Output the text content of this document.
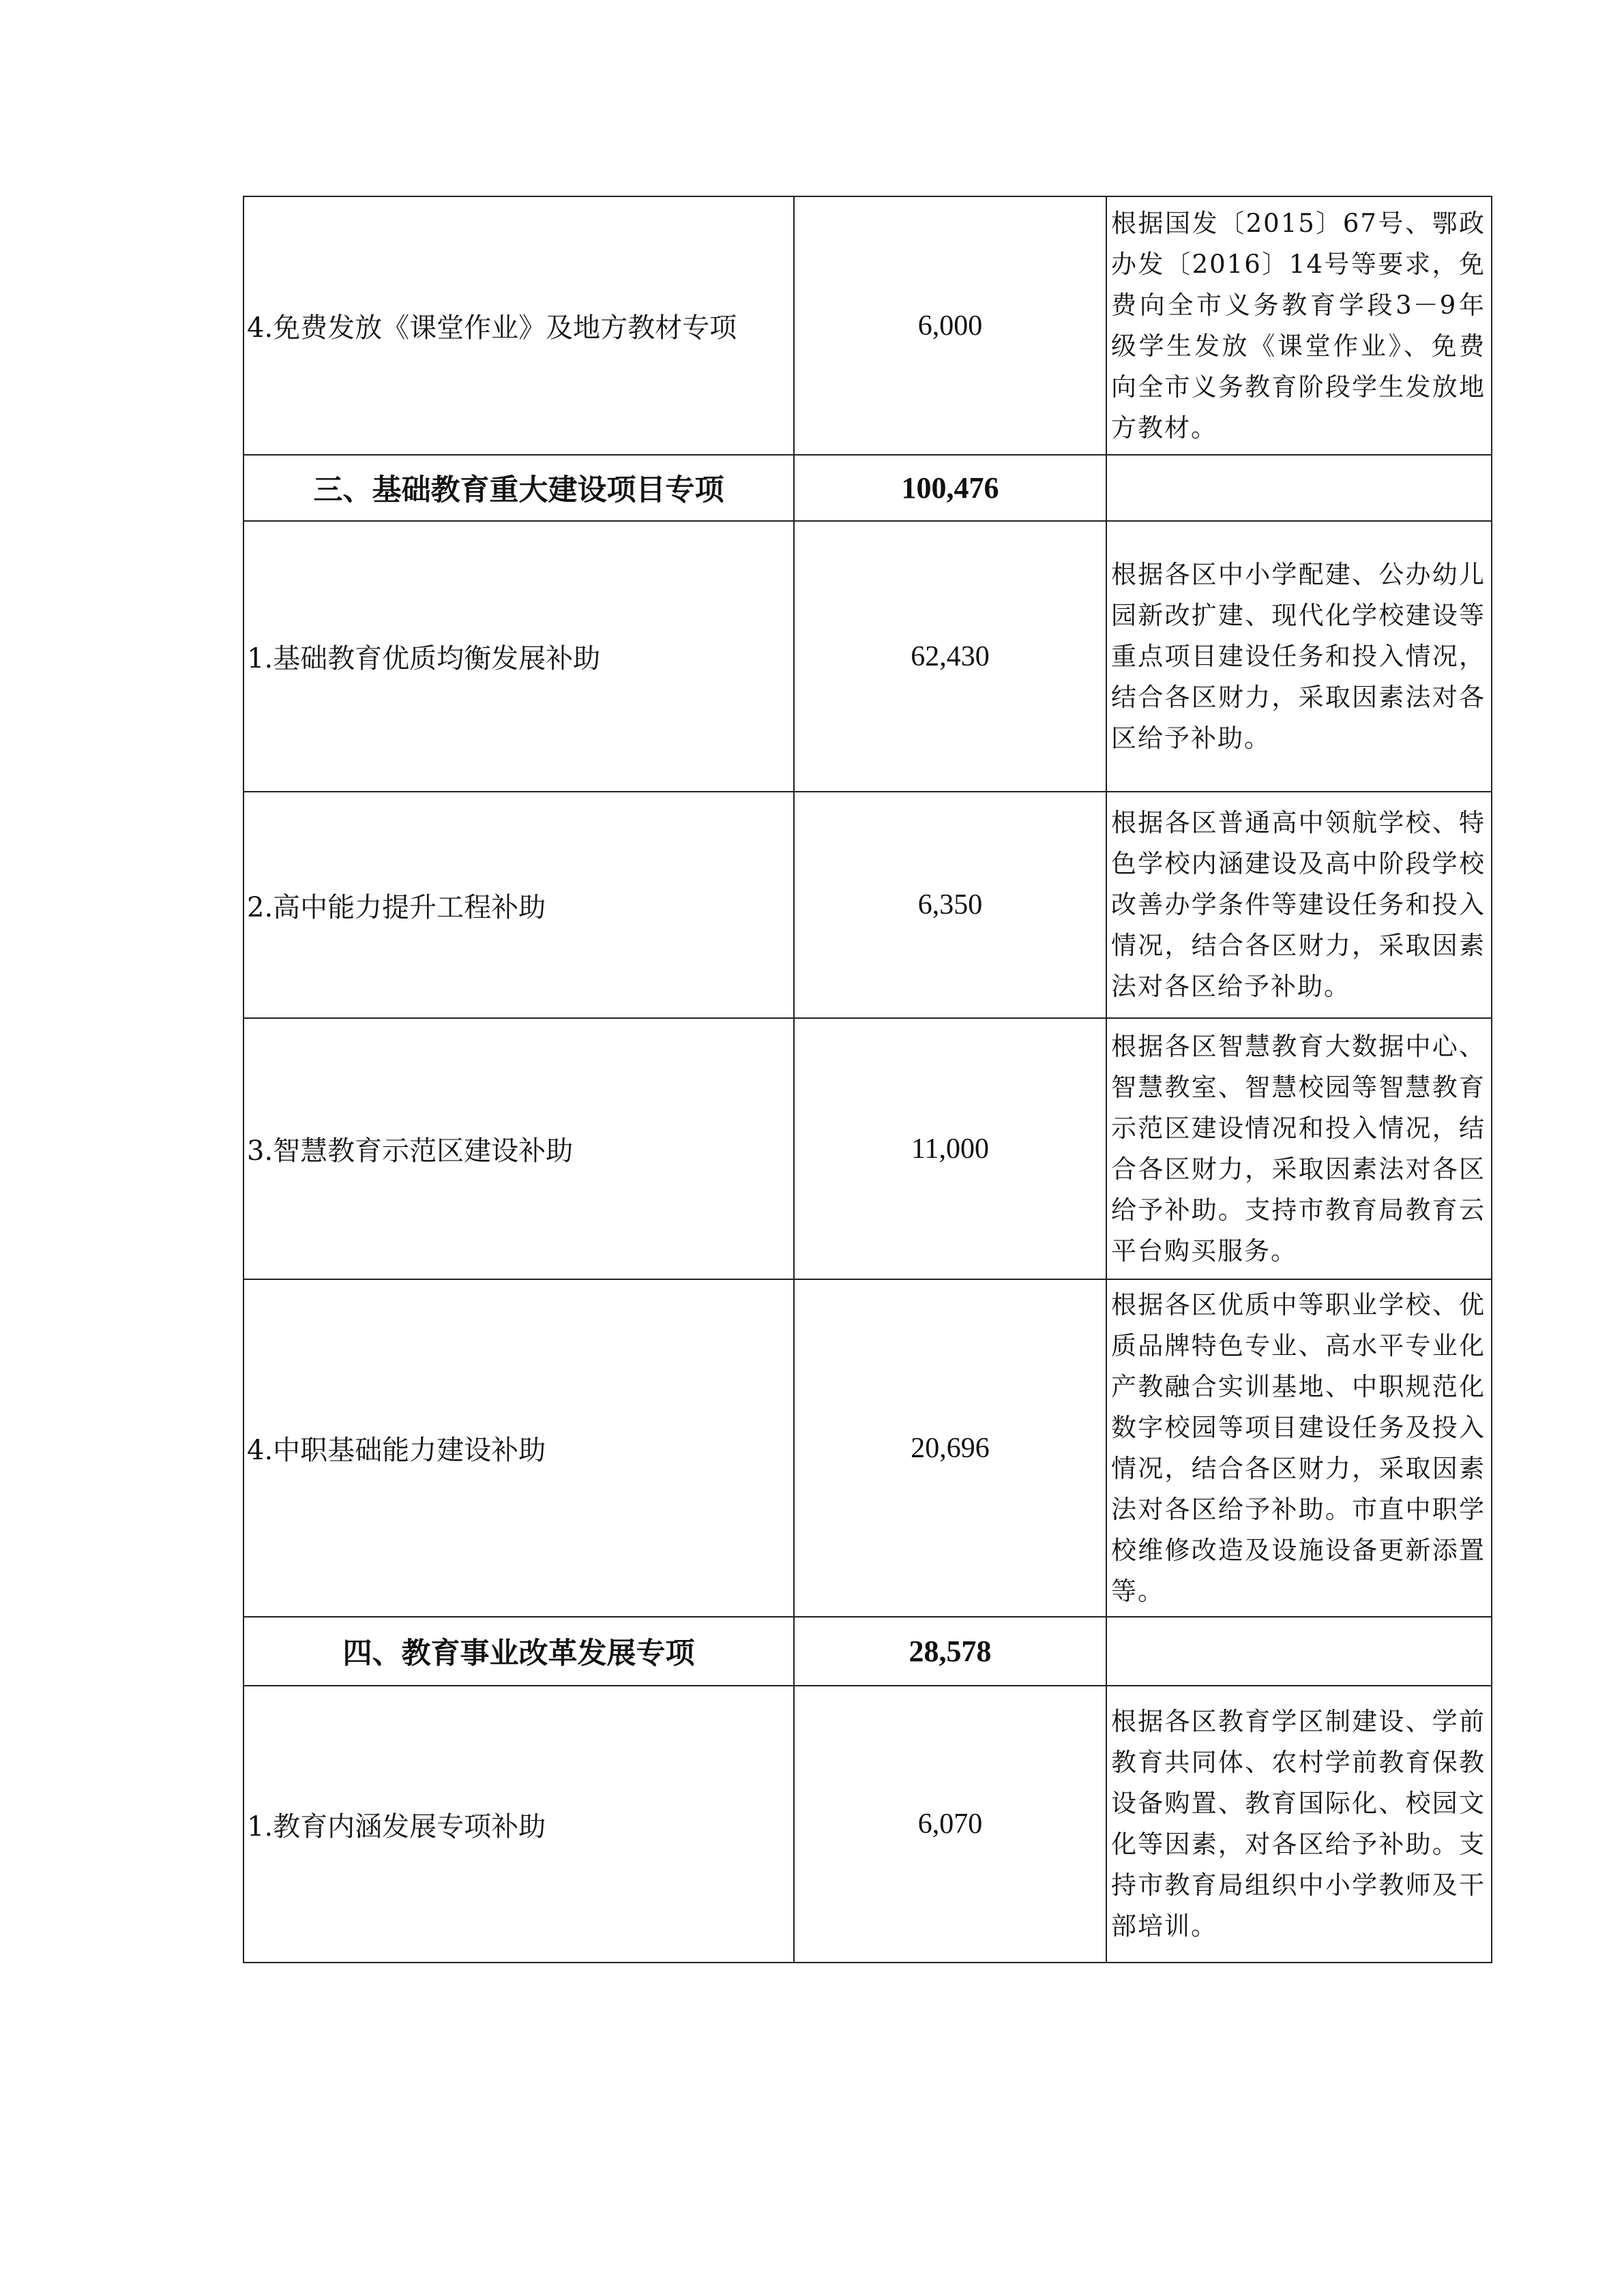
4.免费发放《课堂作业》及地方教材专项	6,000	根据国发〔2015〕67号、鄂政办发〔2016〕14号等要求，免费向全市义务教育学段3－9年级学生发放《课堂作业》、免费向全市义务教育阶段学生发放地方教材。
三、基础教育重大建设项目专项	100,476	
1.基础教育优质均衡发展补助	62,430	根据各区中小学配建、公办幼儿园新改扩建、现代化学校建设等重点项目建设任务和投入情况，结合各区财力，采取因素法对各区给予补助。
2.高中能力提升工程补助	6,350	根据各区普通高中领航学校、特色学校内涵建设及高中阶段学校改善办学条件等建设任务和投入情况，结合各区财力，采取因素法对各区给予补助。
3.智慧教育示范区建设补助	11,000	根据各区智慧教育大数据中心、智慧教室、智慧校园等智慧教育示范区建设情况和投入情况，结合各区财力，采取因素法对各区给予补助。支持市教育局教育云平台购买服务。
4.中职基础能力建设补助	20,696	根据各区优质中等职业学校、优质品牌特色专业、高水平专业化产教融合实训基地、中职规范化数字校园等项目建设任务及投入情况，结合各区财力，采取因素法对各区给予补助。市直中职学校维修改造及设施设备更新添置等。
四、教育事业改革发展专项	28,578	
1.教育内涵发展专项补助	6,070	根据各区教育学区制建设、学前教育共同体、农村学前教育保教设备购置、教育国际化、校园文化等因素，对各区给予补助。支持市教育局组织中小学教师及干部培训。
